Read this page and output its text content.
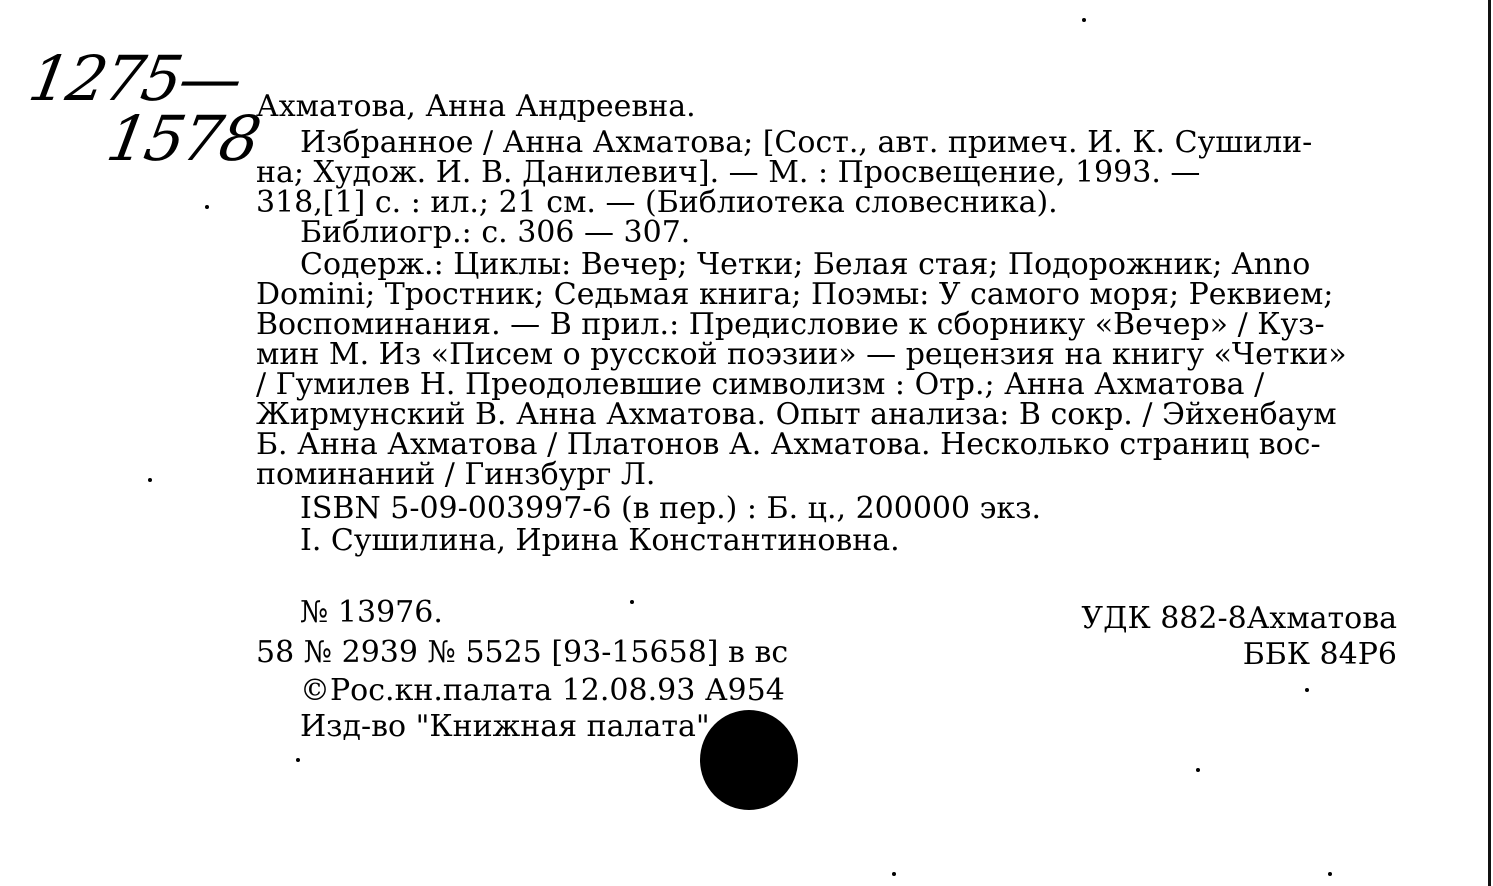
1275—
1578
Ахматова, Анна Андреевна.
Избранное / Анна Ахматова; [Сост., авт. примеч. И. К. Сушили-
на; Худож. И. В. Данилевич]. — М. : Просвещение, 1993. —
318,[1] с. : ил.; 21 см. — (Библиотека словесника).
Библиогр.: с. 306 — 307.
Содерж.: Циклы: Вечер; Четки; Белая стая; Подорожник; Anno
Domini; Тростник; Седьмая книга; Поэмы: У самого моря; Реквием;
Воспоминания. — В прил.: Предисловие к сборнику «Вечер» / Куз-
мин М. Из «Писем о русской поэзии» — рецензия на книгу «Четки»
/ Гумилев Н. Преодолевшие символизм : Отр.; Анна Ахматова /
Жирмунский В. Анна Ахматова. Опыт анализа: В сокр. / Эйхенбаум
Б. Анна Ахматова / Платонов А. Ахматова. Несколько страниц вос-
поминаний / Гинзбург Л.
ISBN 5-09-003997-6 (в пер.) : Б. ц., 200000 экз.
I. Сушилина, Ирина Константиновна.
№ 13976.
58 № 2939 № 5525 [93-15658] в вс
©Рос.кн.палата 12.08.93 А954
Изд-во "Книжная палата"
УДК 882-8Ахматова
ББК 84Р6
